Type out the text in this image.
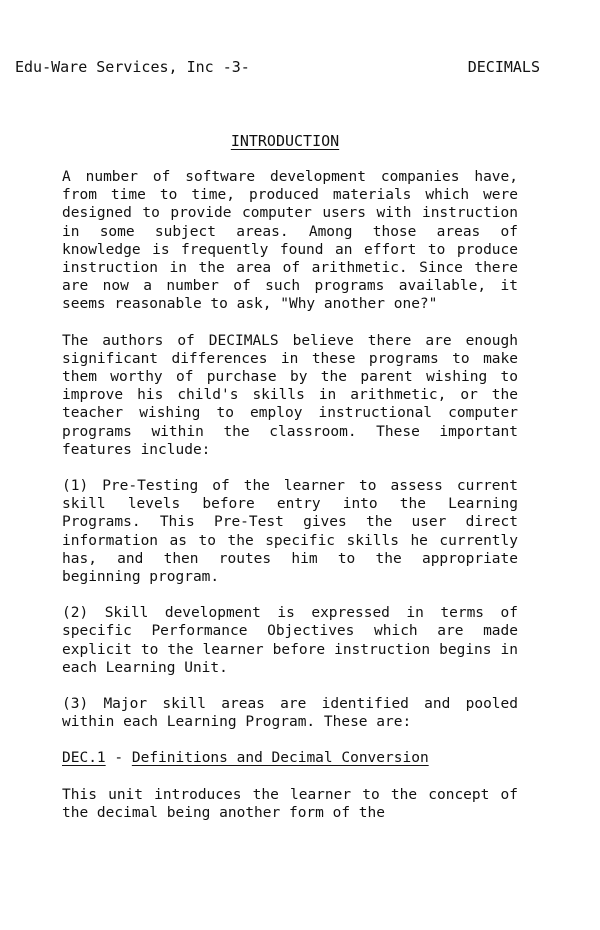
Edu-Ware Services, Inc -3-	DECIMALS
INTRODUCTION

A number of software development companies have, from time to time, produced materials which were designed to provide computer users with instruction in some subject areas. Among those areas of knowledge is frequently found an effort to produce instruction in the area of arithmetic. Since there are now a number of such programs available, it seems reasonable to ask, "Why another one?"

The authors of DECIMALS believe there are enough significant differences in these programs to make them worthy of purchase by the parent wishing to improve his child's skills in arithmetic, or the teacher wishing to employ instructional computer programs within the classroom. These important features include:

(1) Pre-Testing of the learner to assess current skill levels before entry into the Learning Programs. This Pre-Test gives the user direct information as to the specific skills he currently has, and then routes him to the appropriate beginning program.

(2) Skill development is expressed in terms of specific Performance Objectives which are made explicit to the learner before instruction begins in each Learning Unit.

(3) Major skill areas are identified and pooled within each Learning Program. These are:

DEC.1 - Definitions and Decimal Conversion

This unit introduces the learner to the concept of the decimal being another form of the
